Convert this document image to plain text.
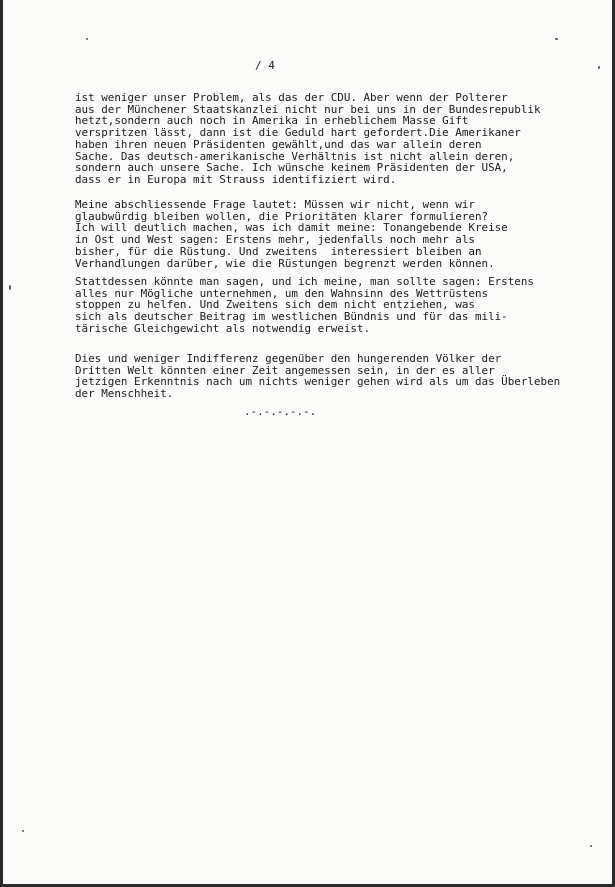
/ 4

ist weniger unser Problem, als das der CDU. Aber wenn der Polterer
aus der Münchener Staatskanzlei nicht nur bei uns in der Bundesrepublik
hetzt,sondern auch noch in Amerika in erheblichem Masse Gift
verspritzen lässt, dann ist die Geduld hart gefordert.Die Amerikaner
haben ihren neuen Präsidenten gewählt,und das war allein deren
Sache. Das deutsch-amerikanische Verhältnis ist nicht allein deren,
sondern auch unsere Sache. Ich wünsche keinem Präsidenten der USA,
dass er in Europa mit Strauss identifiziert wird.

Meine abschliessende Frage lautet: Müssen wir nicht, wenn wir
glaubwürdig bleiben wollen, die Prioritäten klarer formulieren?
Ich will deutlich machen, was ich damit meine: Tonangebende Kreise
in Ost und West sagen: Erstens mehr, jedenfalls noch mehr als
bisher, für die Rüstung. Und zweitens  interessiert bleiben an
Verhandlungen darüber, wie die Rüstungen begrenzt werden können.

Stattdessen könnte man sagen, und ich meine, man sollte sagen: Erstens
alles nur Mögliche unternehmen, um den Wahnsinn des Wettrüstens
stoppen zu helfen. Und Zweitens sich dem nicht entziehen, was
sich als deutscher Beitrag im westlichen Bündnis und für das mili-
tärische Gleichgewicht als notwendig erweist.

Dies und weniger Indifferenz gegenüber den hungerenden Völker der
Dritten Welt könnten einer Zeit angemessen sein, in der es aller
jetzigen Erkenntnis nach um nichts weniger gehen wird als um das Überleben
der Menschheit.

.-.-.-.-.-.
